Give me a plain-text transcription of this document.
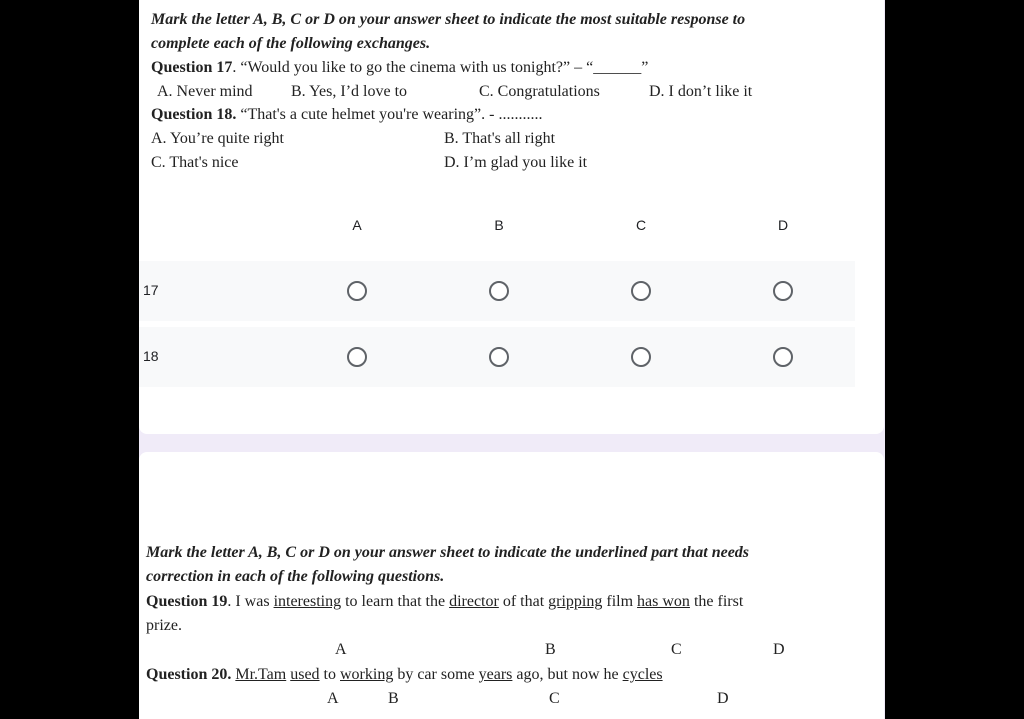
Mark the letter A, B, C or D on your answer sheet to indicate the most suitable response to
complete each of the following exchanges.
Question 17. “Would you like to go the cinema with us tonight?” – “______”
A. Never mind B. Yes, I’d love to	C. Congratulations	D. I don’t like it
Question 18. “That's a cute helmet you're wearing”. - ...........
A. You’re quite right	B. That's all right
C. That's nice	D. I’m glad you like it
A	B	C	D
17
18
Mark the letter A, B, C or D on your answer sheet to indicate the underlined part that needs
correction in each of the following questions.
Question 19. I was interesting to learn that the director of that gripping film has won the first
prize.
A	B	C	D
Question 20. Mr.Tam used to working by car some years ago, but now he cycles
A	B	C	D
